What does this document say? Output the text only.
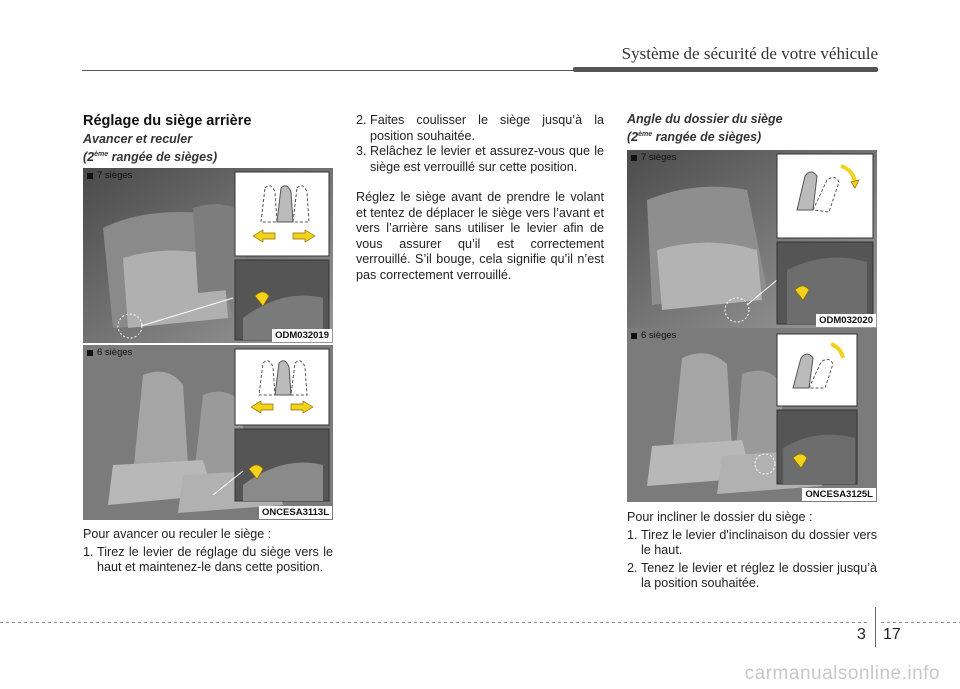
Système de sécurité de votre véhicule
Réglage du siège arrière
Avancer et reculer
(2ème rangée de sièges)
7 sièges
ODM032019
6 sièges
ONCESA3113L
Pour avancer ou reculer le siège :
1. Tirez le levier de réglage du siège vers le haut et maintenez-le dans cette position.
2. Faites coulisser le siège jusqu’à la position souhaitée.
3. Relâchez le levier et assurez-vous que le siège est verrouillé sur cette position.
Réglez le siège avant de prendre le volant et tentez de déplacer le siège vers l’avant et vers l’arrière sans utiliser le levier afin de vous assurer qu’il est correctement verrouillé. S’il bouge, cela signifie qu’il n’est pas correctement verrouillé.
Angle du dossier du siège
(2ème rangée de sièges)
7 sièges
ODM032020
6 sièges
ONCESA3125L
Pour incliner le dossier du siège :
1. Tirez le levier d'inclinaison du dossier vers le haut.
2. Tenez le levier et réglez le dossier jusqu’à la position souhaitée.
3 17
carmanualsonline.info
